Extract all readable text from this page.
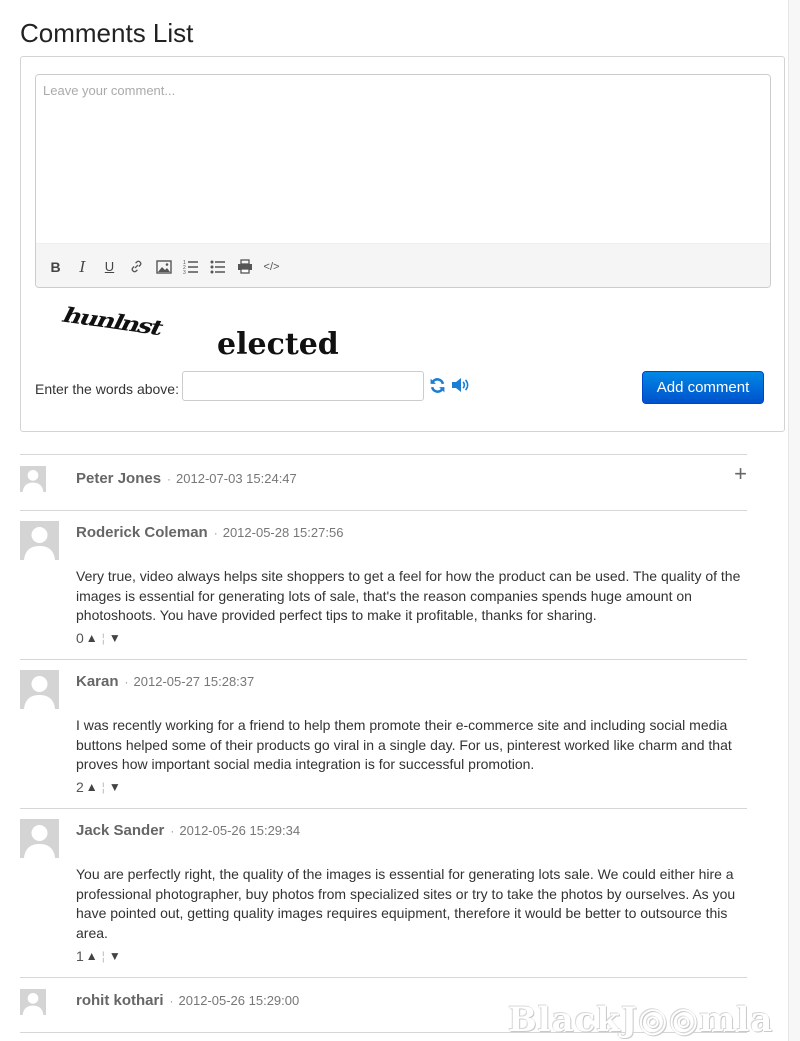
Comments List
Leave your comment...
B I U	1
2
3
</>
hunlnst
elected
Enter the words above:	Add comment
Peter Jones · 2012-07-03 15:24:47	+
Roderick Coleman · 2012-05-28 15:27:56

Very true, video always helps site shoppers to get a feel for how the product can be used. The quality of the images is essential for generating lots of sale, that's the reason companies spends huge amount on photoshoots. You have provided perfect tips to make it profitable, thanks for sharing.

0 ▲ ¦ ▼
Karan · 2012-05-27 15:28:37

I was recently working for a friend to help them promote their e-commerce site and including social media buttons helped some of their products go viral in a single day. For us, pinterest worked like charm and that proves how important social media integration is for successful promotion.

2 ▲ ¦ ▼
Jack Sander · 2012-05-26 15:29:34

You are perfectly right, the quality of the images is essential for generating lots sale. We could either hire a professional photographer, buy photos from specialized sites or try to take the photos by ourselves. As you have pointed out, getting quality images requires equipment, therefore it would be better to outsource this area.

1 ▲ ¦ ▼
rohit kothari · 2012-05-26 15:29:00	BlackJ◎◎mla
